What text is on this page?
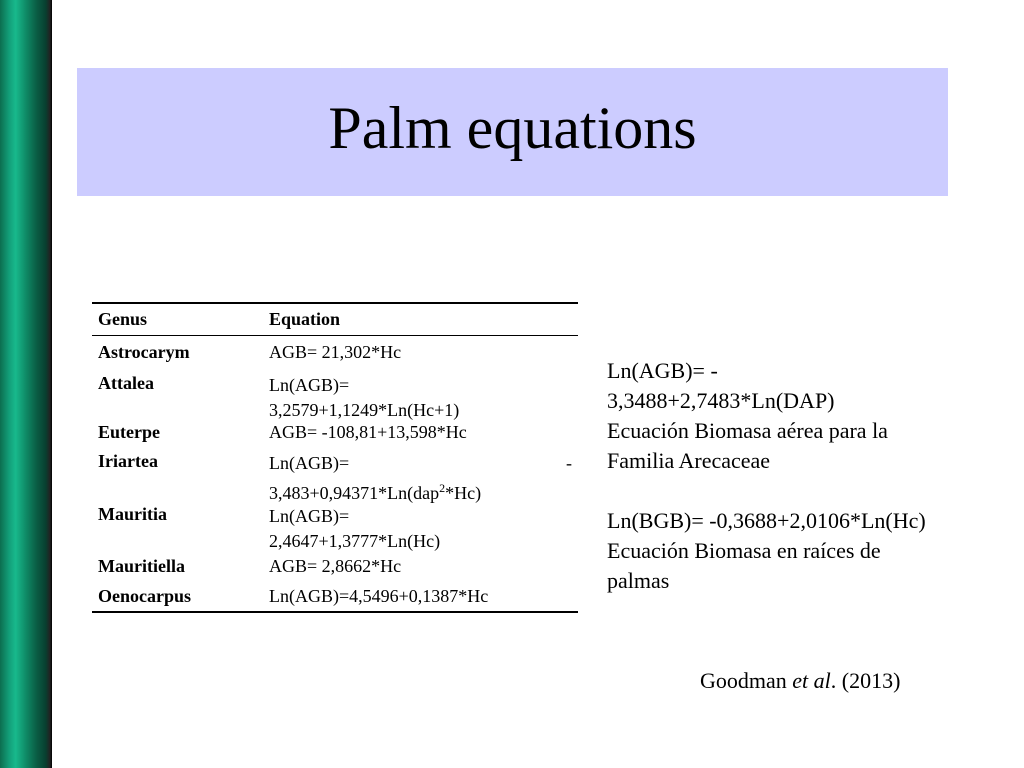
Palm equations
Genus	Equation
Astrocarym	AGB= 21,302*Hc
Attalea	Ln(AGB)=
3,2579+1,1249*Ln(Hc+1)
Euterpe	AGB= -108,81+13,598*Hc
Iriartea	Ln(AGB)=	-
3,483+0,94371*Ln(dap$^2$*Hc)
Mauritia	Ln(AGB)=
2,4647+1,3777*Ln(Hc)
Mauritiella	AGB= 2,8662*Hc
Oenocarpus	Ln(AGB)=4,5496+0,1387*Hc

Ln(AGB)= -

3,3488+2,7483*Ln(DAP)

Ecuación Biomasa aérea para la

Familia Arecaceae

Ln(BGB)= -0,3688+2,0106*Ln(Hc)

Ecuación Biomasa en raíces de

palmas

Goodman et al. (2013)
